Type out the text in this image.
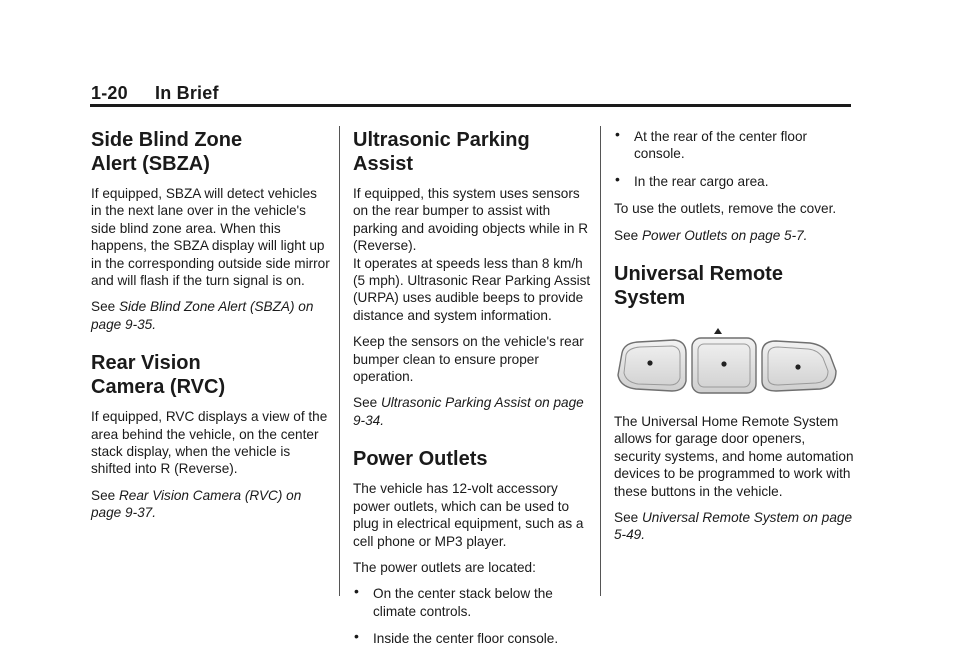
1-20 In Brief
Side Blind Zone
Alert (SBZA)

If equipped, SBZA will detect vehicles in the next lane over in the vehicle's side blind zone area. When this happens, the SBZA display will light up in the corresponding outside side mirror and will flash if the turn signal is on.

See Side Blind Zone Alert (SBZA) on page 9-35.

Rear Vision
Camera (RVC)

If equipped, RVC displays a view of the area behind the vehicle, on the center stack display, when the vehicle is shifted into R (Reverse).

See Rear Vision Camera (RVC) on page 9-37.

Ultrasonic Parking Assist

If equipped, this system uses sensors on the rear bumper to assist with parking and avoiding objects while in R (Reverse).
It operates at speeds less than 8 km/h (5 mph). Ultrasonic Rear Parking Assist (URPA) uses audible beeps to provide distance and system information.

Keep the sensors on the vehicle's rear bumper clean to ensure proper operation.

See Ultrasonic Parking Assist on page 9-34.

Power Outlets

The vehicle has 12-volt accessory power outlets, which can be used to plug in electrical equipment, such as a cell phone or MP3 player.

The power outlets are located:

• On the center stack below the climate controls.
• Inside the center floor console.
• At the rear of the center floor console.
• In the rear cargo area.

To use the outlets, remove the cover.

See Power Outlets on page 5-7.

Universal Remote System

The Universal Home Remote System allows for garage door openers, security systems, and home automation devices to be programmed to work with these buttons in the vehicle.

See Universal Remote System on page 5-49.
